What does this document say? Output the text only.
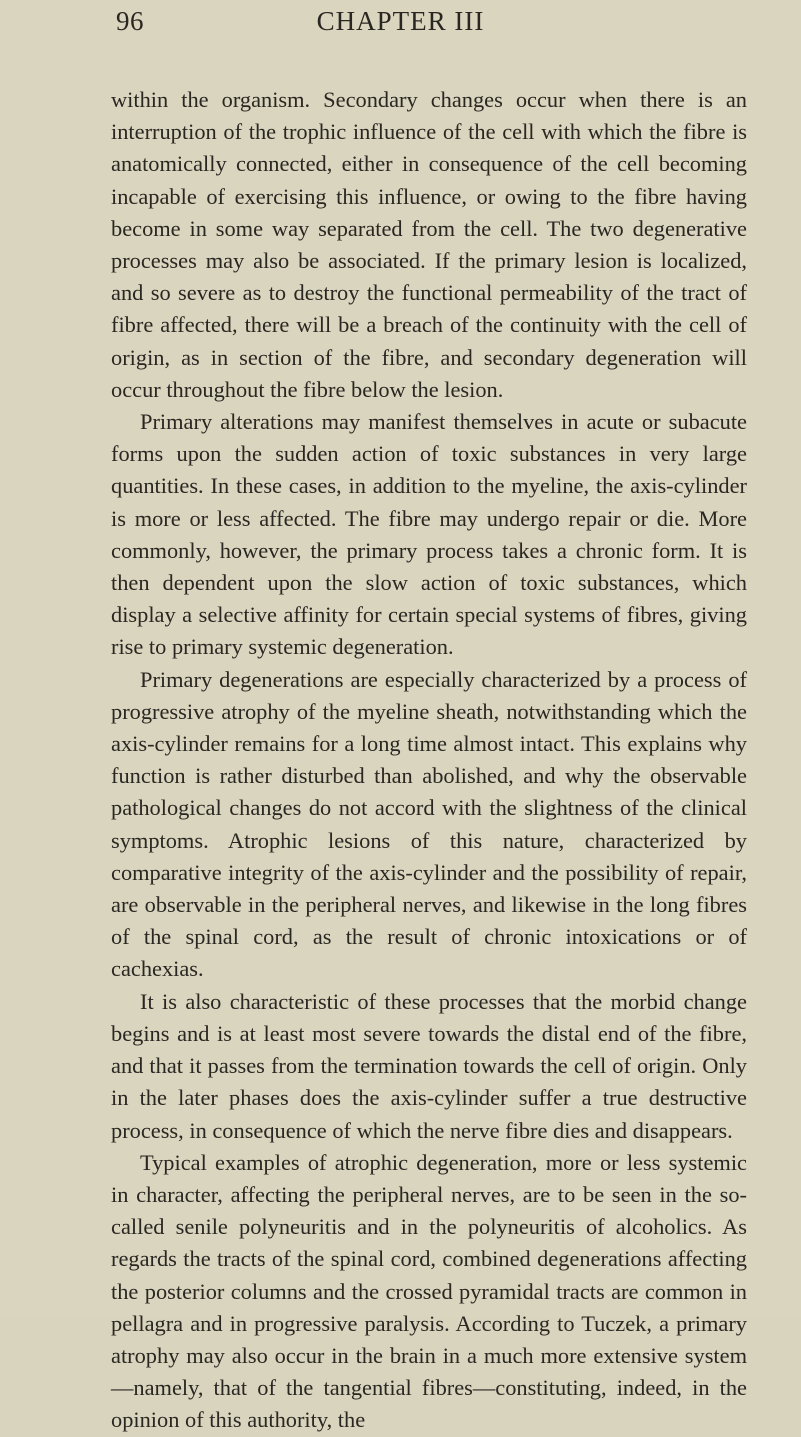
96	CHAPTER III

within the organism. Secondary changes occur when there is an interruption of the trophic influence of the cell with which the fibre is anatomically connected, either in consequence of the cell becoming incapable of exercising this influence, or owing to the fibre having become in some way separated from the cell. The two degenerative processes may also be associated. If the primary lesion is localized, and so severe as to destroy the functional permeability of the tract of fibre affected, there will be a breach of the continuity with the cell of origin, as in section of the fibre, and secondary degeneration will occur throughout the fibre below the lesion.

Primary alterations may manifest themselves in acute or subacute forms upon the sudden action of toxic substances in very large quantities. In these cases, in addition to the myeline, the axis-cylinder is more or less affected. The fibre may undergo repair or die. More commonly, however, the primary process takes a chronic form. It is then dependent upon the slow action of toxic substances, which display a selective affinity for certain special systems of fibres, giving rise to primary systemic degeneration.

Primary degenerations are especially characterized by a process of progressive atrophy of the myeline sheath, notwithstanding which the axis-cylinder remains for a long time almost intact. This explains why function is rather disturbed than abolished, and why the observable pathological changes do not accord with the slightness of the clinical symptoms. Atrophic lesions of this nature, characterized by comparative integrity of the axis-cylinder and the possibility of repair, are observable in the peripheral nerves, and likewise in the long fibres of the spinal cord, as the result of chronic intoxications or of cachexias.

It is also characteristic of these processes that the morbid change begins and is at least most severe towards the distal end of the fibre, and that it passes from the termination towards the cell of origin. Only in the later phases does the axis-cylinder suffer a true destructive process, in consequence of which the nerve fibre dies and disappears.

Typical examples of atrophic degeneration, more or less systemic in character, affecting the peripheral nerves, are to be seen in the so-called senile polyneuritis and in the polyneuritis of alcoholics. As regards the tracts of the spinal cord, combined degenerations affecting the posterior columns and the crossed pyramidal tracts are common in pellagra and in progressive paralysis. According to Tuczek, a primary atrophy may also occur in the brain in a much more extensive system—namely, that of the tangential fibres—constituting, indeed, in the opinion of this authority, the
